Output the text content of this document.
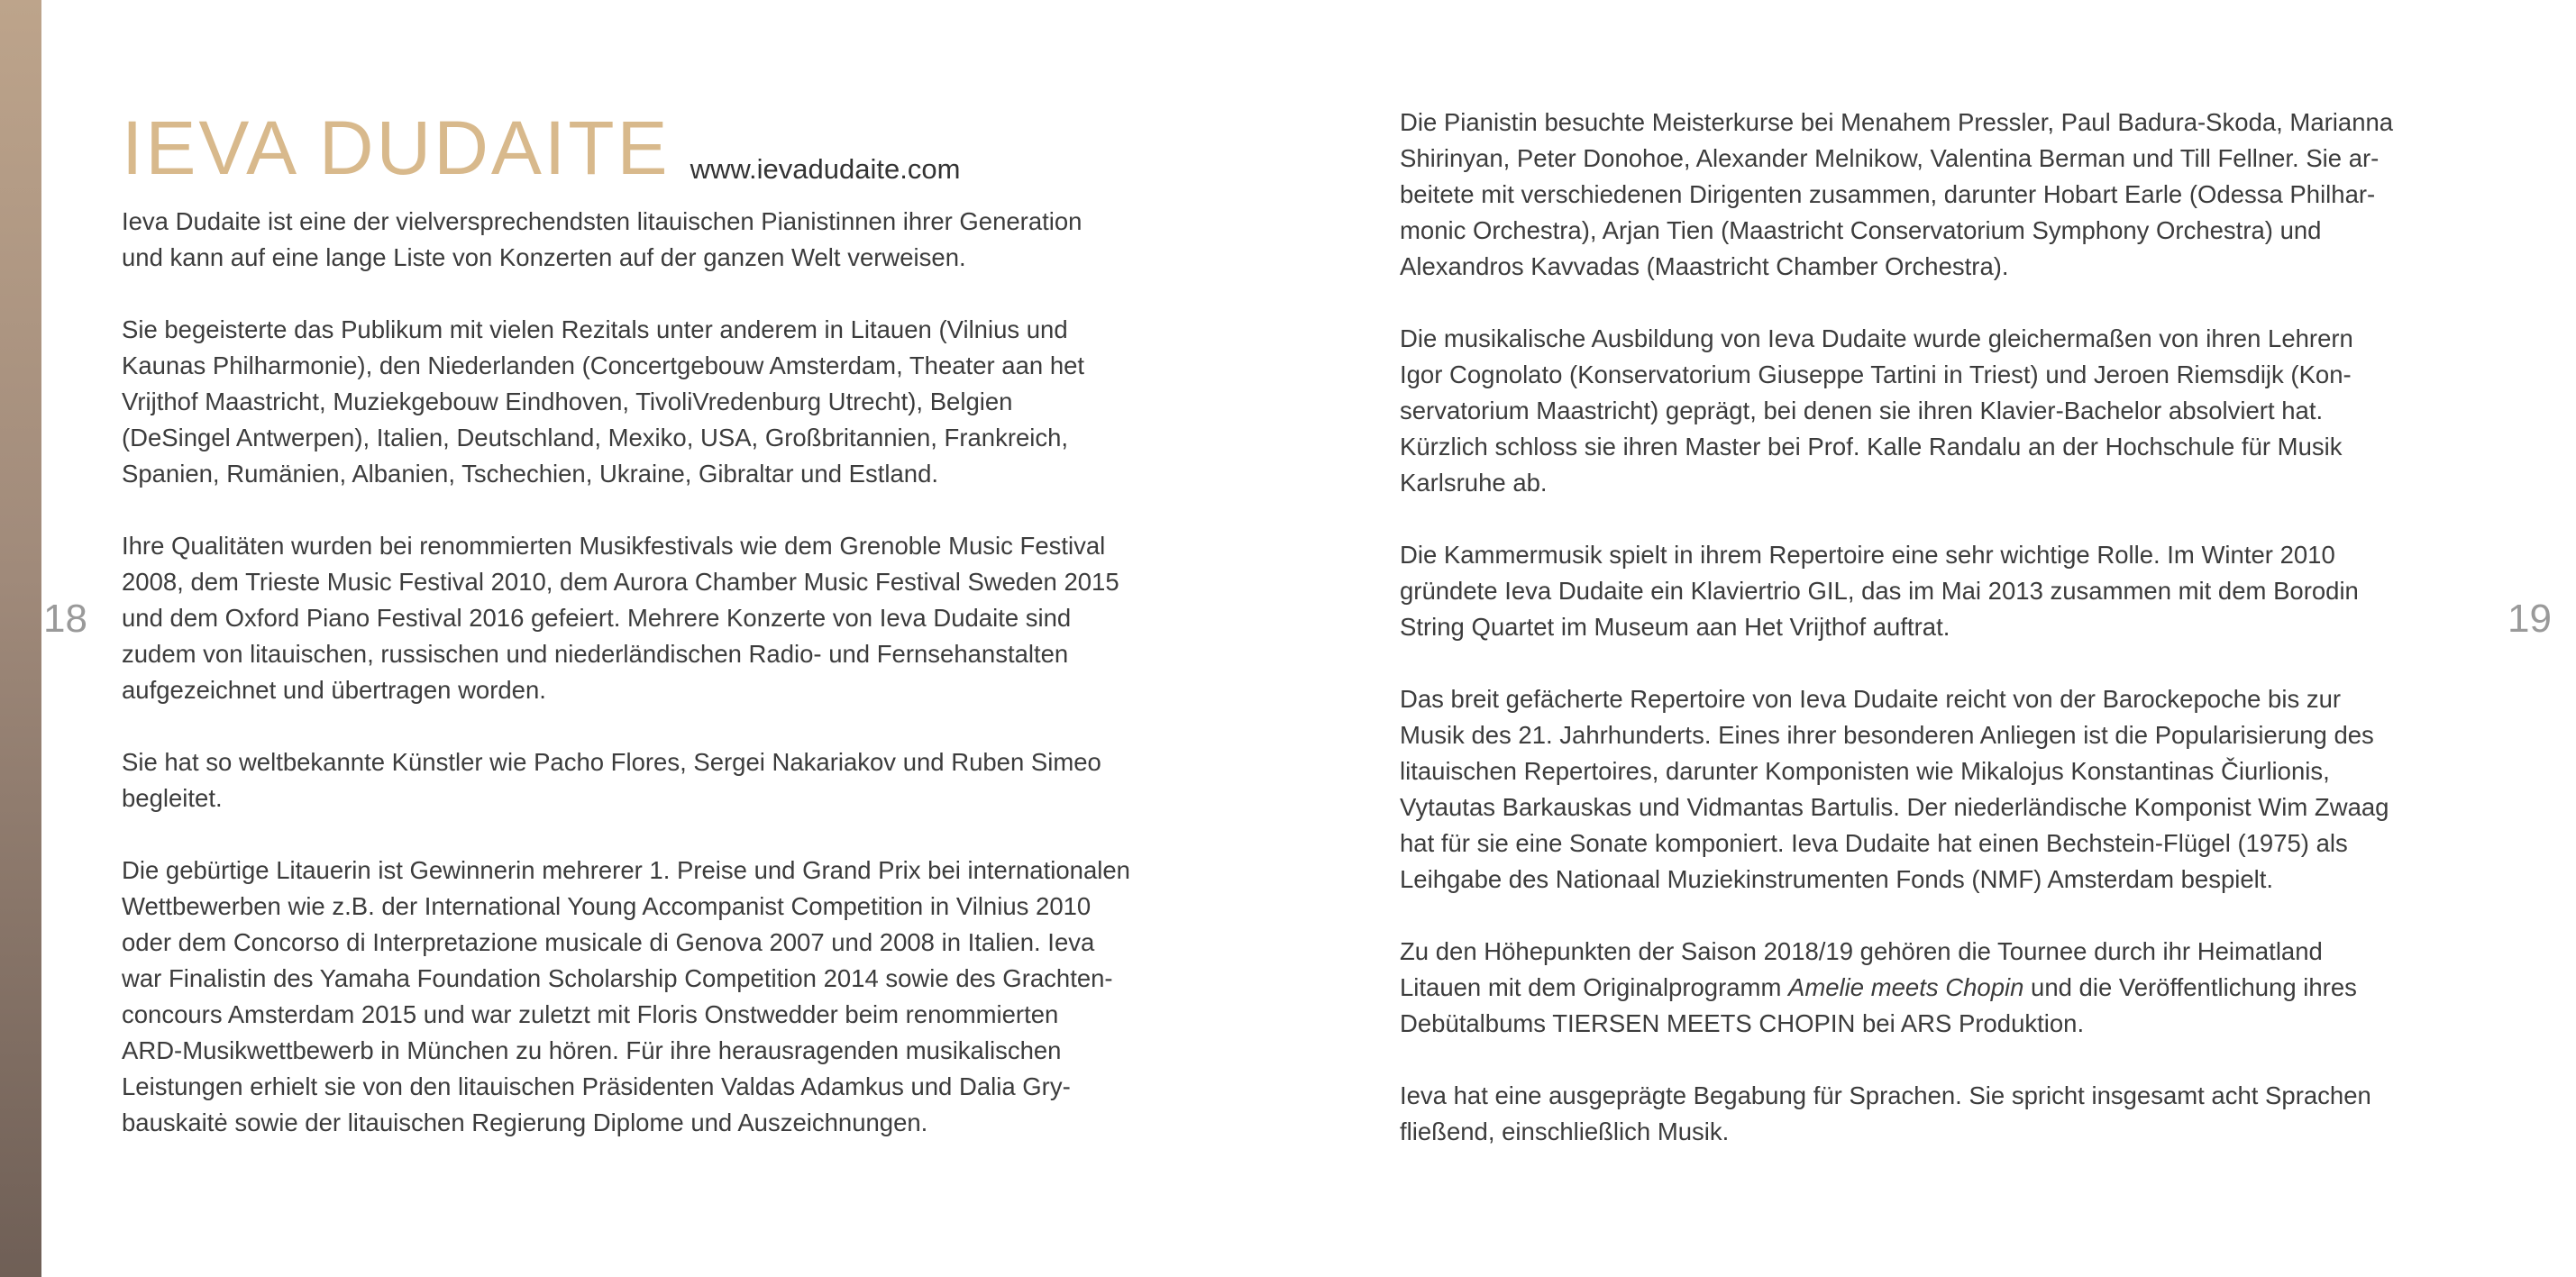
18	19
IEVA DUDAITE www.ievadudaite.com

Ieva Dudaite ist eine der vielversprechendsten litauischen Pianistinnen ihrer Generation
und kann auf eine lange Liste von Konzerten auf der ganzen Welt verweisen.

Sie begeisterte das Publikum mit vielen Rezitals unter anderem in Litauen (Vilnius und
Kaunas Philharmonie), den Niederlanden (Concertgebouw Amsterdam, Theater aan het
Vrijthof Maastricht, Muziekgebouw Eindhoven, TivoliVredenburg Utrecht), Belgien
(DeSingel Antwerpen), Italien, Deutschland, Mexiko, USA, Großbritannien, Frankreich,
Spanien, Rumänien, Albanien, Tschechien, Ukraine, Gibraltar und Estland.

Ihre Qualitäten wurden bei renommierten Musikfestivals wie dem Grenoble Music Festival
2008, dem Trieste Music Festival 2010, dem Aurora Chamber Music Festival Sweden 2015
und dem Oxford Piano Festival 2016 gefeiert. Mehrere Konzerte von Ieva Dudaite sind
zudem von litauischen, russischen und niederländischen Radio- und Fernsehanstalten
aufgezeichnet und übertragen worden.

Sie hat so weltbekannte Künstler wie Pacho Flores, Sergei Nakariakov und Ruben Simeo
begleitet.

Die gebürtige Litauerin ist Gewinnerin mehrerer 1. Preise und Grand Prix bei internationalen
Wettbewerben wie z.B. der International Young Accompanist Competition in Vilnius 2010
oder dem Concorso di Interpretazione musicale di Genova 2007 und 2008 in Italien. Ieva
war Finalistin des Yamaha Foundation Scholarship Competition 2014 sowie des Grachten-
concours Amsterdam 2015 und war zuletzt mit Floris Onstwedder beim renommierten
ARD-Musikwettbewerb in München zu hören. Für ihre herausragenden musikalischen
Leistungen erhielt sie von den litauischen Präsidenten Valdas Adamkus und Dalia Gry-
bauskaitė sowie der litauischen Regierung Diplome und Auszeichnungen.

Die Pianistin besuchte Meisterkurse bei Menahem Pressler, Paul Badura-Skoda, Marianna
Shirinyan, Peter Donohoe, Alexander Melnikow, Valentina Berman und Till Fellner. Sie ar-
beitete mit verschiedenen Dirigenten zusammen, darunter Hobart Earle (Odessa Philhar-
monic Orchestra), Arjan Tien (Maastricht Conservatorium Symphony Orchestra) und
Alexandros Kavvadas (Maastricht Chamber Orchestra).

Die musikalische Ausbildung von Ieva Dudaite wurde gleichermaßen von ihren Lehrern
Igor Cognolato (Konservatorium Giuseppe Tartini in Triest) und Jeroen Riemsdijk (Kon-
servatorium Maastricht) geprägt, bei denen sie ihren Klavier-Bachelor absolviert hat.
Kürzlich schloss sie ihren Master bei Prof. Kalle Randalu an der Hochschule für Musik
Karlsruhe ab.

Die Kammermusik spielt in ihrem Repertoire eine sehr wichtige Rolle. Im Winter 2010
gründete Ieva Dudaite ein Klaviertrio GIL, das im Mai 2013 zusammen mit dem Borodin
String Quartet im Museum aan Het Vrijthof auftrat.

Das breit gefächerte Repertoire von Ieva Dudaite reicht von der Barockepoche bis zur
Musik des 21. Jahrhunderts. Eines ihrer besonderen Anliegen ist die Popularisierung des
litauischen Repertoires, darunter Komponisten wie Mikalojus Konstantinas Čiurlionis,
Vytautas Barkauskas und Vidmantas Bartulis. Der niederländische Komponist Wim Zwaag
hat für sie eine Sonate komponiert. Ieva Dudaite hat einen Bechstein-Flügel (1975) als
Leihgabe des Nationaal Muziekinstrumenten Fonds (NMF) Amsterdam bespielt.

Zu den Höhepunkten der Saison 2018/19 gehören die Tournee durch ihr Heimatland
Litauen mit dem Originalprogramm Amelie meets Chopin und die Veröffentlichung ihres
Debütalbums TIERSEN MEETS CHOPIN bei ARS Produktion.

Ieva hat eine ausgeprägte Begabung für Sprachen. Sie spricht insgesamt acht Sprachen
fließend, einschließlich Musik.
